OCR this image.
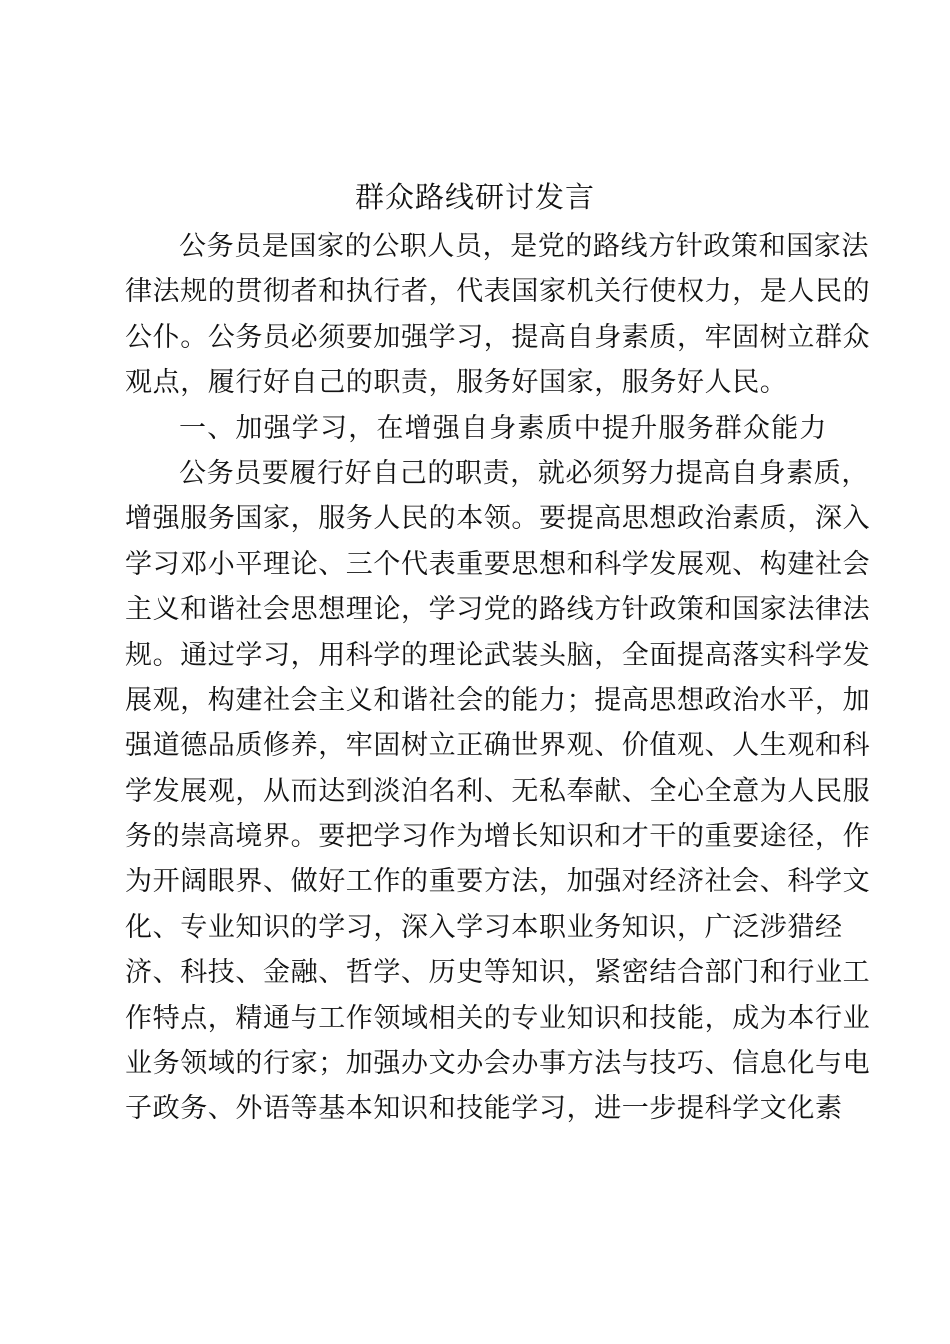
群众路线研讨发言
公务员是国家的公职人员，是党的路线方针政策和国家法
律法规的贯彻者和执行者，代表国家机关行使权力，是人民的
公仆。公务员必须要加强学习，提高自身素质，牢固树立群众
观点，履行好自己的职责，服务好国家，服务好人民。
一、加强学习，在增强自身素质中提升服务群众能力
公务员要履行好自己的职责，就必须努力提高自身素质，
增强服务国家，服务人民的本领。要提高思想政治素质，深入
学习邓小平理论、三个代表重要思想和科学发展观、构建社会
主义和谐社会思想理论，学习党的路线方针政策和国家法律法
规。通过学习，用科学的理论武装头脑，全面提高落实科学发
展观，构建社会主义和谐社会的能力；提高思想政治水平，加
强道德品质修养，牢固树立正确世界观、价值观、人生观和科
学发展观，从而达到淡泊名利、无私奉献、全心全意为人民服
务的崇高境界。要把学习作为增长知识和才干的重要途径，作
为开阔眼界、做好工作的重要方法，加强对经济社会、科学文
化、专业知识的学习，深入学习本职业务知识，广泛涉猎经
济、科技、金融、哲学、历史等知识，紧密结合部门和行业工
作特点，精通与工作领域相关的专业知识和技能，成为本行业
业务领域的行家；加强办文办会办事方法与技巧、信息化与电
子政务、外语等基本知识和技能学习，进一步提科学文化素
